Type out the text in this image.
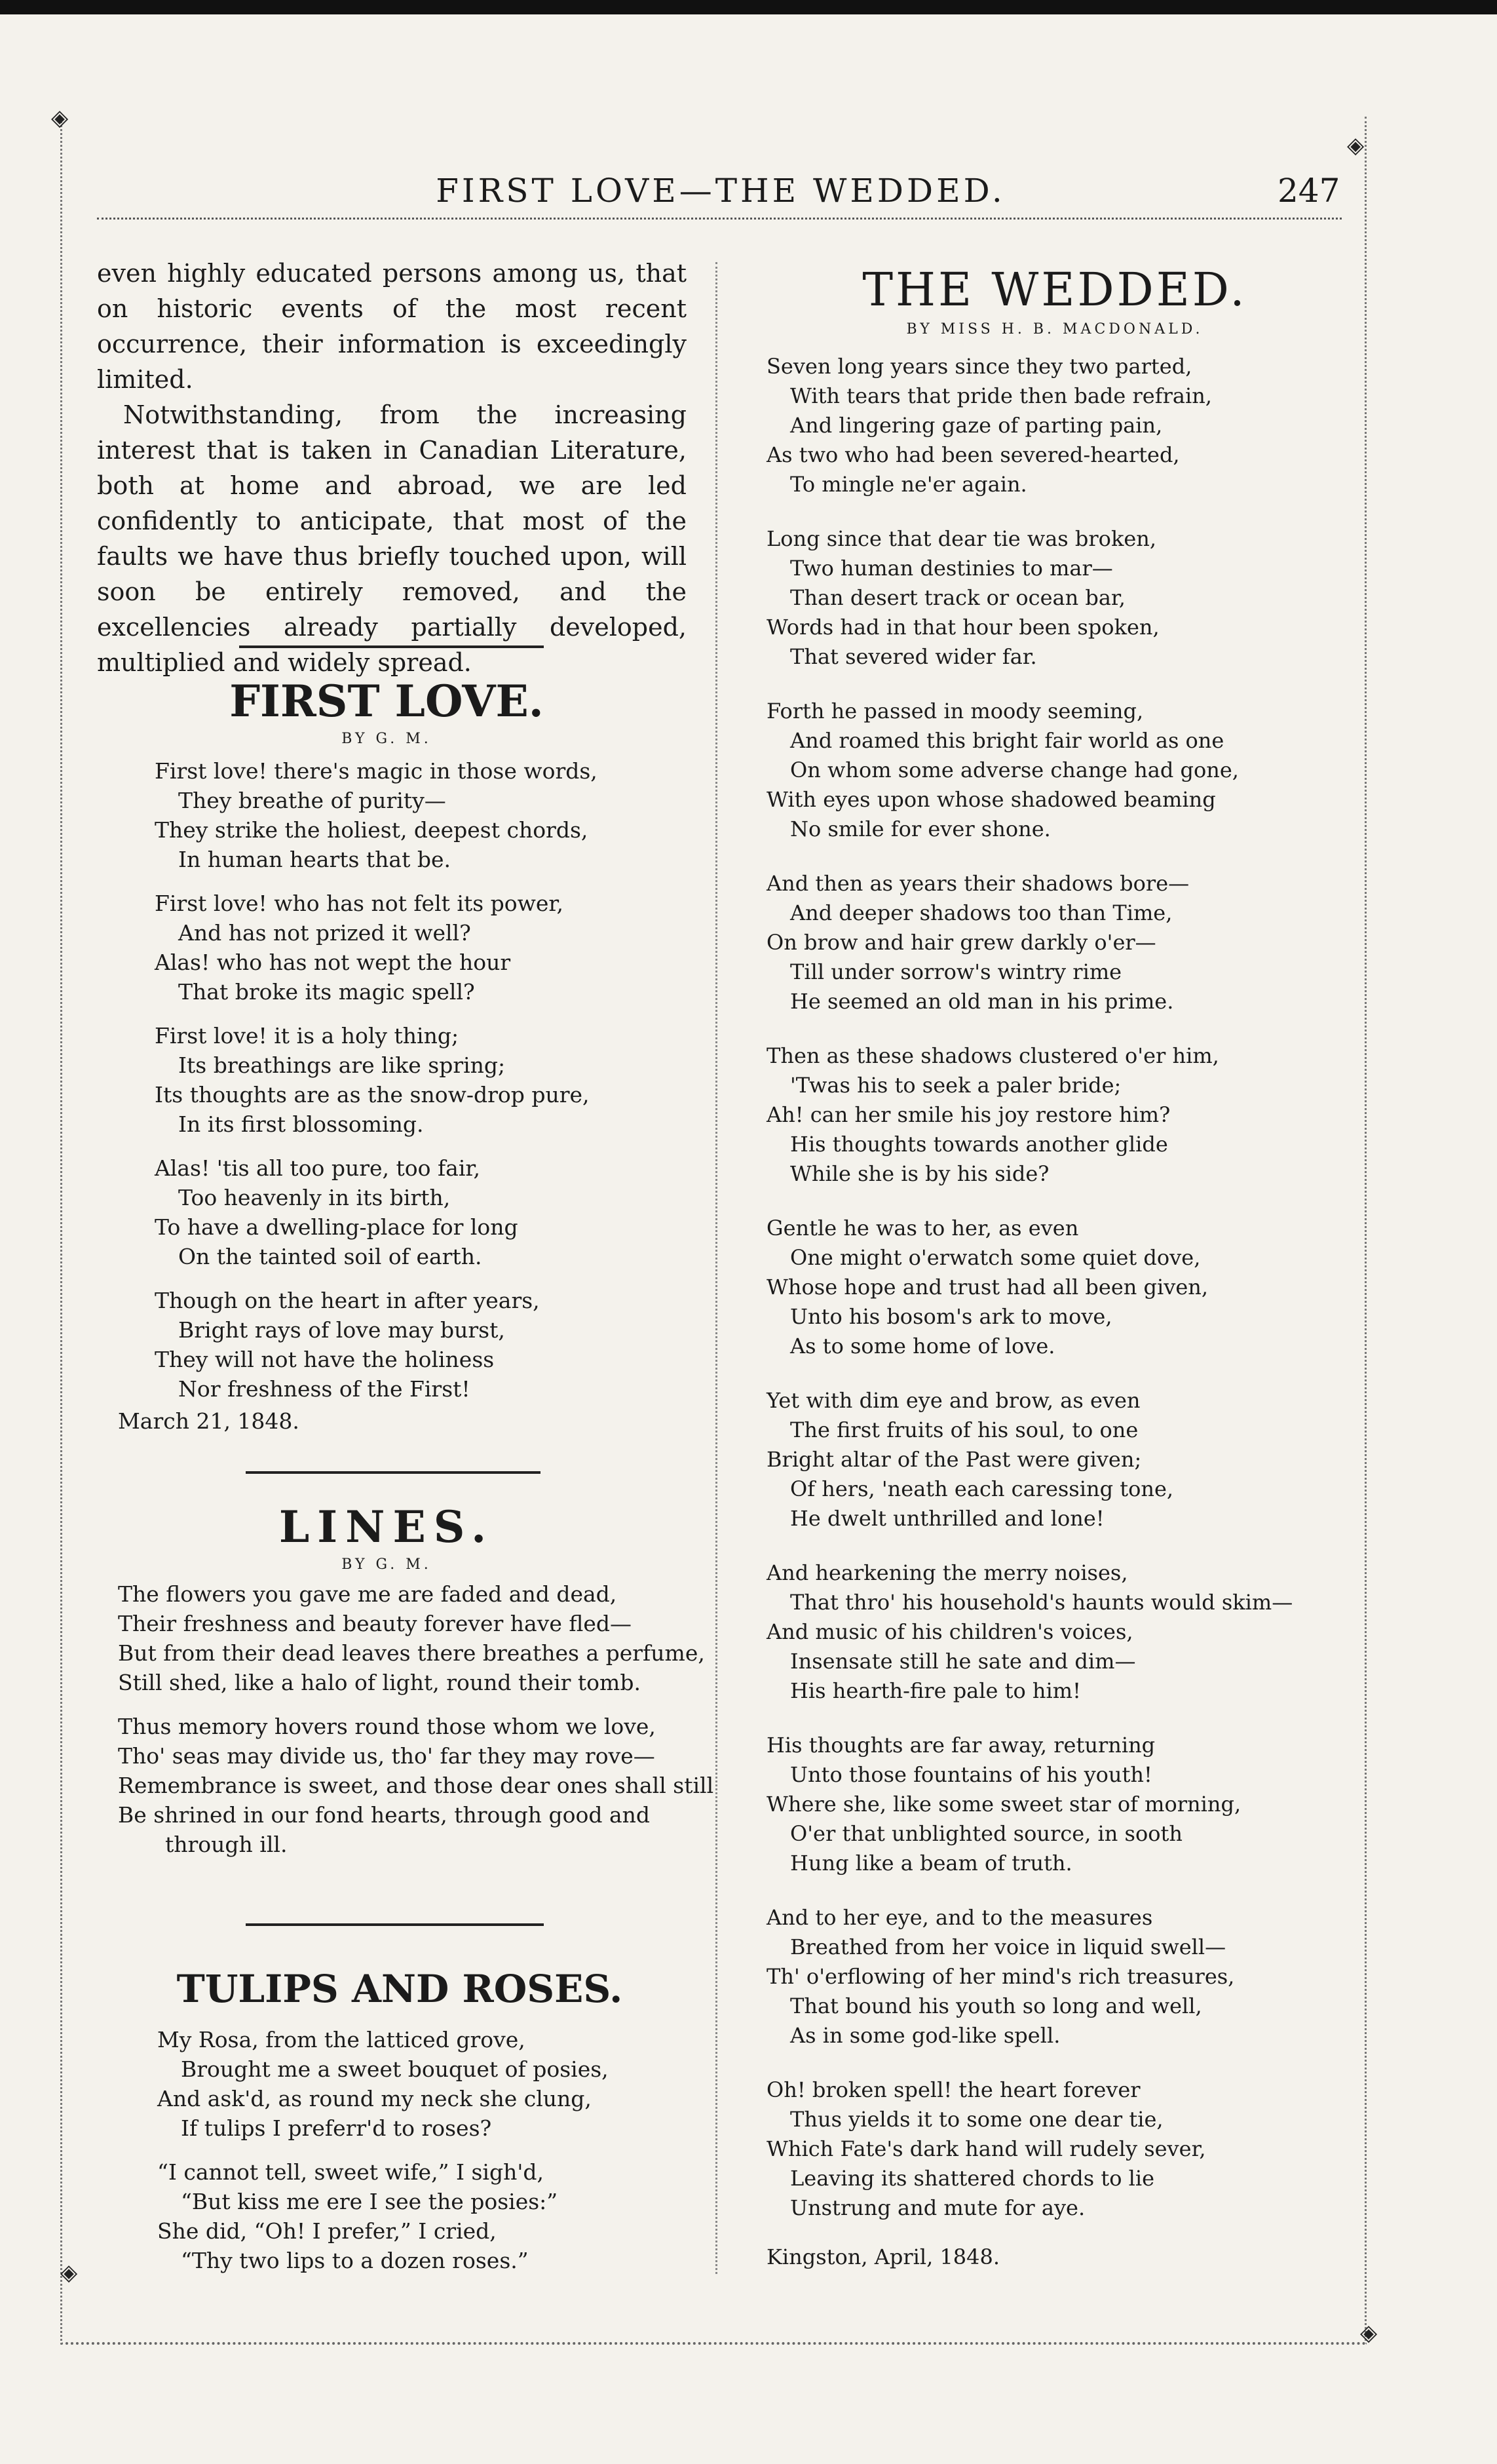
◈
◈
◈
◈
FIRST LOVE—THE WEDDED.	247

even highly educated persons among us, that on historic events of the most recent occurrence, their information is exceedingly limited.

Notwithstanding, from the increasing interest that is taken in Canadian Literature, both at home and abroad, we are led confidently to anticipate, that most of the faults we have thus briefly touched upon, will soon be entirely removed, and the excellencies already partially developed, multiplied and widely spread.

FIRST LOVE.

BY G. M.

First love! there's magic in those words,
They breathe of purity—
They strike the holiest, deepest chords,
In human hearts that be.
First love! who has not felt its power,
And has not prized it well?
Alas! who has not wept the hour
That broke its magic spell?
First love! it is a holy thing;
Its breathings are like spring;
Its thoughts are as the snow-drop pure,
In its first blossoming.
Alas! 'tis all too pure, too fair,
Too heavenly in its birth,
To have a dwelling-place for long
On the tainted soil of earth.
Though on the heart in after years,
Bright rays of love may burst,
They will not have the holiness
Nor freshness of the First!
March 21, 1848.
LINES.

BY G. M.

The flowers you gave me are faded and dead,
Their freshness and beauty forever have fled—
But from their dead leaves there breathes a perfume,
Still shed, like a halo of light, round their tomb.
Thus memory hovers round those whom we love,
Tho' seas may divide us, tho' far they may rove—
Remembrance is sweet, and those dear ones shall still
Be shrined in our fond hearts, through good and
through ill.
TULIPS AND ROSES.
My Rosa, from the latticed grove,
Brought me a sweet bouquet of posies,
And ask'd, as round my neck she clung,
If tulips I preferr'd to roses?
“I cannot tell, sweet wife,” I sigh'd,
“But kiss me ere I see the posies:”
She did, “Oh! I prefer,” I cried,
“Thy two lips to a dozen roses.”
THE WEDDED.

BY MISS H. B. MACDONALD.

Seven long years since they two parted,
With tears that pride then bade refrain,
And lingering gaze of parting pain,
As two who had been severed-hearted,
To mingle ne'er again.
Long since that dear tie was broken,
Two human destinies to mar—
Than desert track or ocean bar,
Words had in that hour been spoken,
That severed wider far.
Forth he passed in moody seeming,
And roamed this bright fair world as one
On whom some adverse change had gone,
With eyes upon whose shadowed beaming
No smile for ever shone.
And then as years their shadows bore—
And deeper shadows too than Time,
On brow and hair grew darkly o'er—
Till under sorrow's wintry rime
He seemed an old man in his prime.
Then as these shadows clustered o'er him,
'Twas his to seek a paler bride;
Ah! can her smile his joy restore him?
His thoughts towards another glide
While she is by his side?
Gentle he was to her, as even
One might o'erwatch some quiet dove,
Whose hope and trust had all been given,
Unto his bosom's ark to move,
As to some home of love.
Yet with dim eye and brow, as even
The first fruits of his soul, to one
Bright altar of the Past were given;
Of hers, 'neath each caressing tone,
He dwelt unthrilled and lone!
And hearkening the merry noises,
That thro' his household's haunts would skim—
And music of his children's voices,
Insensate still he sate and dim—
His hearth-fire pale to him!
His thoughts are far away, returning
Unto those fountains of his youth!
Where she, like some sweet star of morning,
O'er that unblighted source, in sooth
Hung like a beam of truth.
And to her eye, and to the measures
Breathed from her voice in liquid swell—
Th' o'erflowing of her mind's rich treasures,
That bound his youth so long and well,
As in some god-like spell.
Oh! broken spell! the heart forever
Thus yields it to some one dear tie,
Which Fate's dark hand will rudely sever,
Leaving its shattered chords to lie
Unstrung and mute for aye.
Kingston, April, 1848.
